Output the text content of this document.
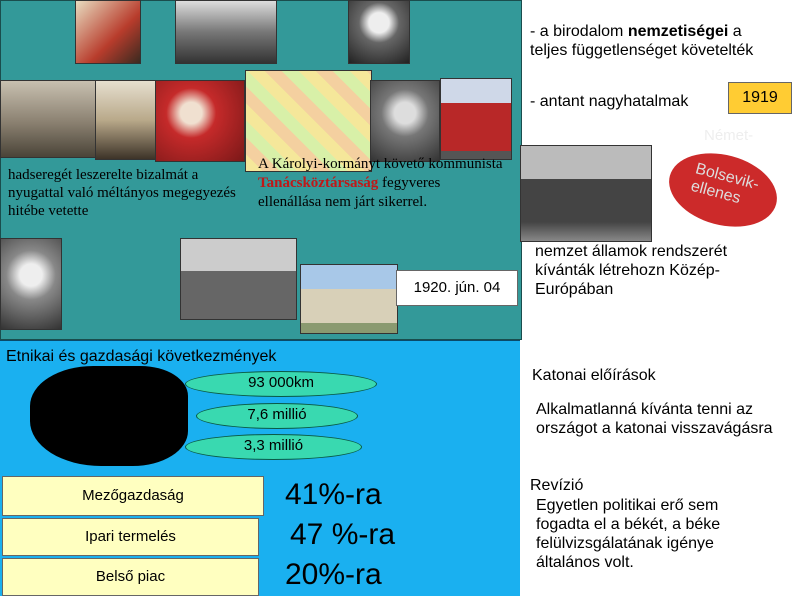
- a birodalom nemzetiségei a
teljes függetlenséget követelték
- antant nagyhatalmak	1919
Német-
Bolsevik-
ellenes
hadseregét leszerelte bizalmát a nyugattal való méltányos megegyezés hitébe vetette
A Károlyi-kormányt követő kommunista Tanácsköztársaság fegyveres ellenállása nem járt sikerrel.
1920. jún. 04
nemzet államok rendszerét kívánták létrehozn Közép-Európában
Etnikai és gazdasági következmények
93 000km
7,6 millió
3,3 millió
Mezőgazdaság
Ipari termelés
Belső piac
41%-ra
47 %-ra
20%-ra
Katonai előírások
Alkalmatlanná kívánta tenni az országot a katonai visszavágásra
Revízió
Egyetlen politikai erő sem fogadta el a békét, a béke felülvizsgálatának igénye általános volt.
